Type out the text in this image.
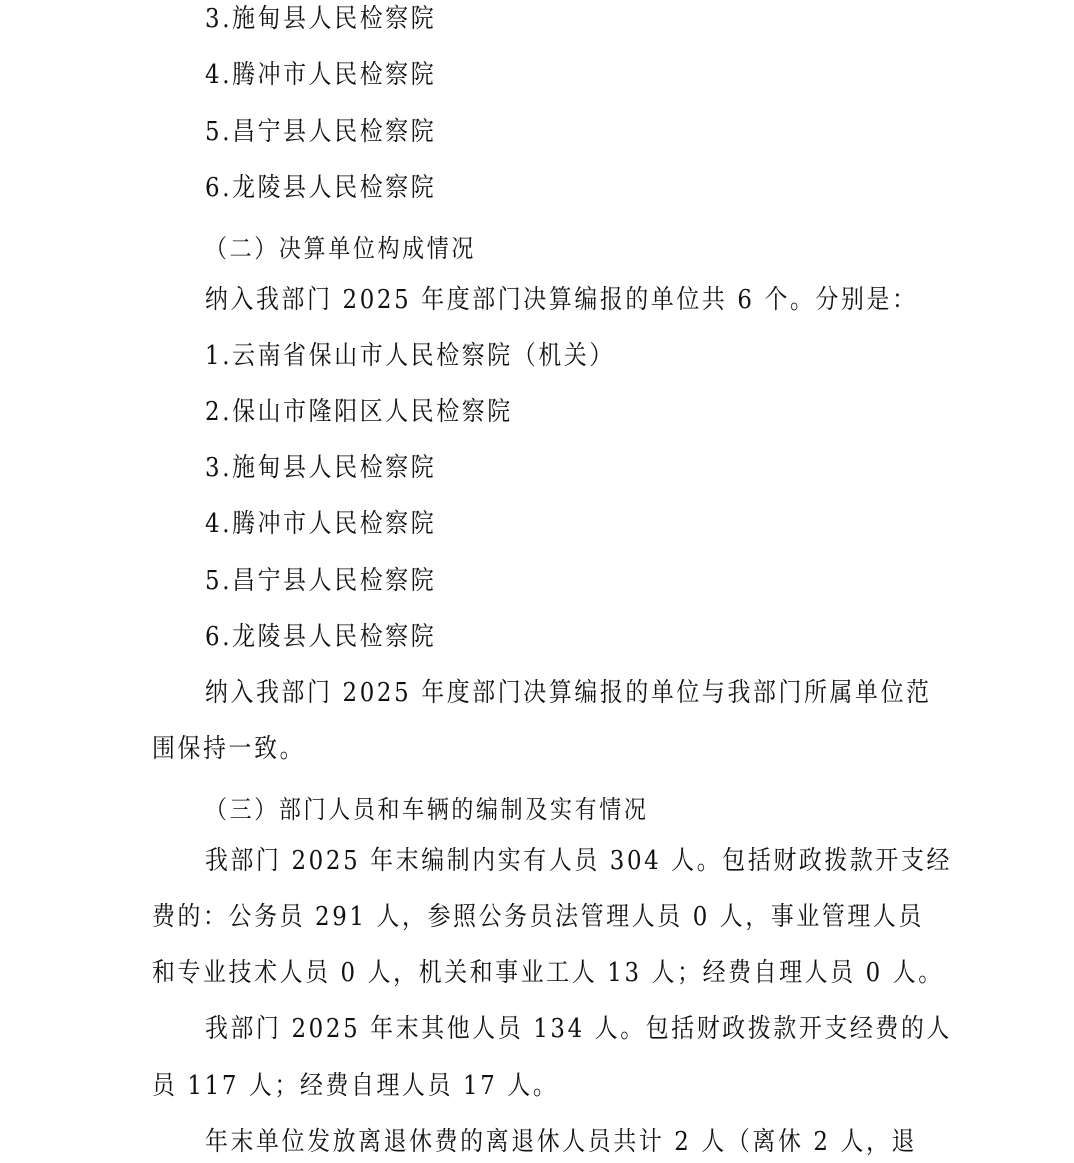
3.施甸县人民检察院
4.腾冲市人民检察院
5.昌宁县人民检察院
6.龙陵县人民检察院
（二）决算单位构成情况
纳入我部门 2025 年度部门决算编报的单位共 6 个。分别是：
1.云南省保山市人民检察院（机关）
2.保山市隆阳区人民检察院
3.施甸县人民检察院
4.腾冲市人民检察院
5.昌宁县人民检察院
6.龙陵县人民检察院
纳入我部门 2025 年度部门决算编报的单位与我部门所属单位范
围保持一致。
（三）部门人员和车辆的编制及实有情况
我部门 2025 年末编制内实有人员 304 人。包括财政拨款开支经
费的：公务员 291 人，参照公务员法管理人员 0 人，事业管理人员
和专业技术人员 0 人，机关和事业工人 13 人；经费自理人员 0 人。
我部门 2025 年末其他人员 134 人。包括财政拨款开支经费的人
员 117 人；经费自理人员 17 人。
年末单位发放离退休费的离退休人员共计 2 人（离休 2 人，退
